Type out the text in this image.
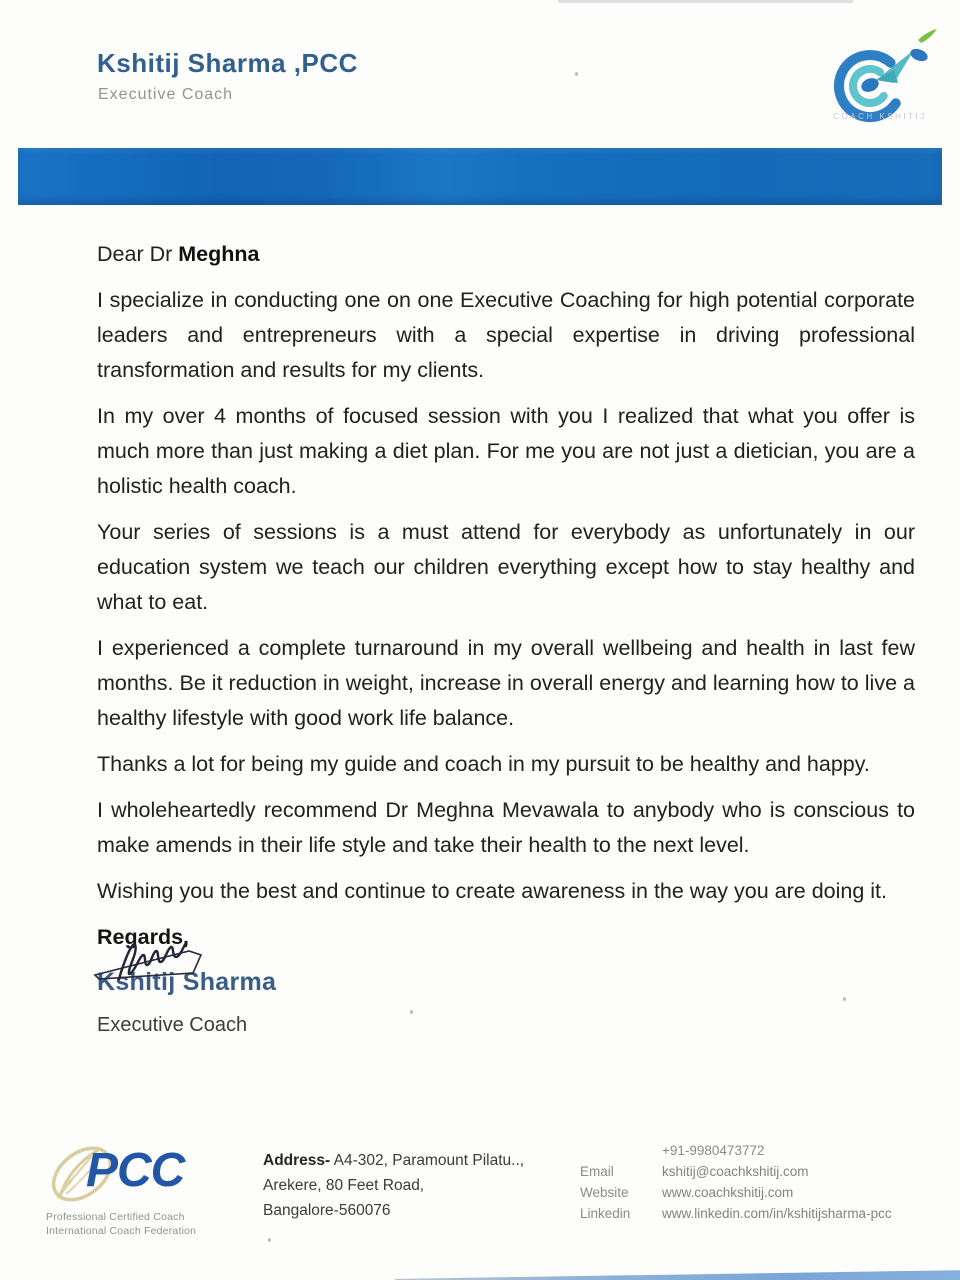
Kshitij Sharma ,PCC
Executive Coach
COACH KSHITIJ

Dear Dr Meghna

I specialize in conducting one on one Executive Coaching for high potential corporate leaders and entrepreneurs with a special expertise in driving professional transformation and results for my clients.

In my over 4 months of focused session with you I realized that what you offer is much more than just making a diet plan. For me you are not just a dietician, you are a holistic health coach.

Your series of sessions is a must attend for everybody as unfortunately in our education system we teach our children everything except how to stay healthy and what to eat.

I experienced a complete turnaround in my overall wellbeing and health in last few months. Be it reduction in weight, increase in overall energy and learning how to live a healthy lifestyle with good work life balance.

Thanks a lot for being my guide and coach in my pursuit to be healthy and happy.

I wholeheartedly recommend Dr Meghna Mevawala to anybody who is conscious to make amends in their life style and take their health to the next level.

Wishing you the best and continue to create awareness in the way you are doing it.

Regards,

Kshitij Sharma
Executive Coach
PCC
Professional Certified Coach
International Coach Federation
Address- A4-302, Paramount Pilatu..,
Arekere, 80 Feet Road,
Bangalore-560076
+91-9980473772
Email	kshitij@coachkshitij.com
Website	www.coachkshitij.com
Linkedin	www.linkedin.com/in/kshitijsharma-pcc
